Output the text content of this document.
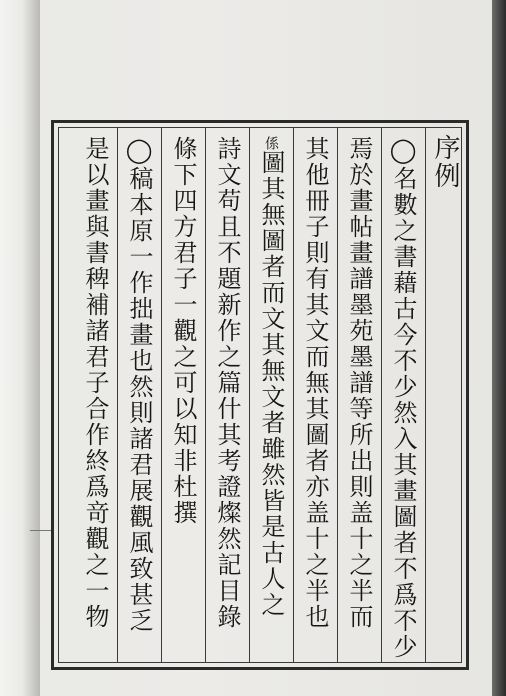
序例
◯名數之書藉古今不少然入其畫圖者不爲不少
焉於畫帖畫譜墨苑墨譜等所出則盖十之半而
其他冊子則有其文而無其圖者亦盖十之半也
係圖其無圖者而文其無文者雖然皆是古人之
詩文苟且不題新作之篇什其考證燦然記目錄
條下四方君子一觀之可以知非杜撰
◯稿本原一作拙畫也然則諸君展觀風致甚乏
是以畫與書稗補諸君子合作終爲竒觀之一物
